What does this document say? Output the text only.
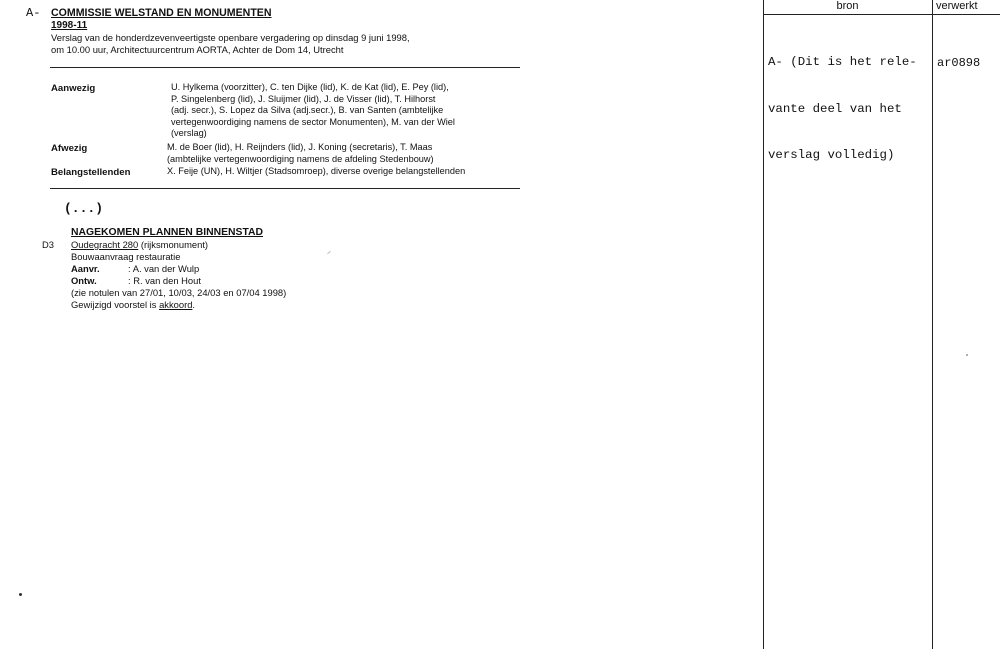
bron	verwerkt

A- (Dit is het rele-

vante deel van het

verslag volledig)

ar0898
A- COMMISSIE WELSTAND EN MONUMENTEN
1998-11
Verslag van de honderdzevenveertigste openbare vergadering op dinsdag 9 juni 1998,
om 10.00 uur, Architectuurcentrum AORTA, Achter de Dom 14, Utrecht
Aanwezig	U. Hylkema (voorzitter), C. ten Dijke (lid), K. de Kat (lid), E. Pey (lid),
P. Singelenberg (lid), J. Sluijmer (lid), J. de Visser (lid), T. Hilhorst
(adj. secr.), S. Lopez da Silva (adj.secr.), B. van Santen (ambtelijke
vertegenwoordiging namens de sector Monumenten), M. van der Wiel
(verslag)
Afwezig	M. de Boer (lid), H. Reijnders (lid), J. Koning (secretaris), T. Maas
(ambtelijke vertegenwoordiging namens de afdeling Stedenbouw)
Belangstellenden	X. Feije (UN), H. Wiltjer (Stadsomroep), diverse overige belangstellenden
(...)
NAGEKOMEN PLANNEN BINNENSTAD
D3 Oudegracht 280 (rijksmonument)
Bouwaanvraag restauratie
Aanvr.	: A. van der Wulp
Ontw.	: R. van den Hout
(zie notulen van 27/01, 10/03, 24/03 en 07/04 1998)
Gewijzigd voorstel is akkoord.
